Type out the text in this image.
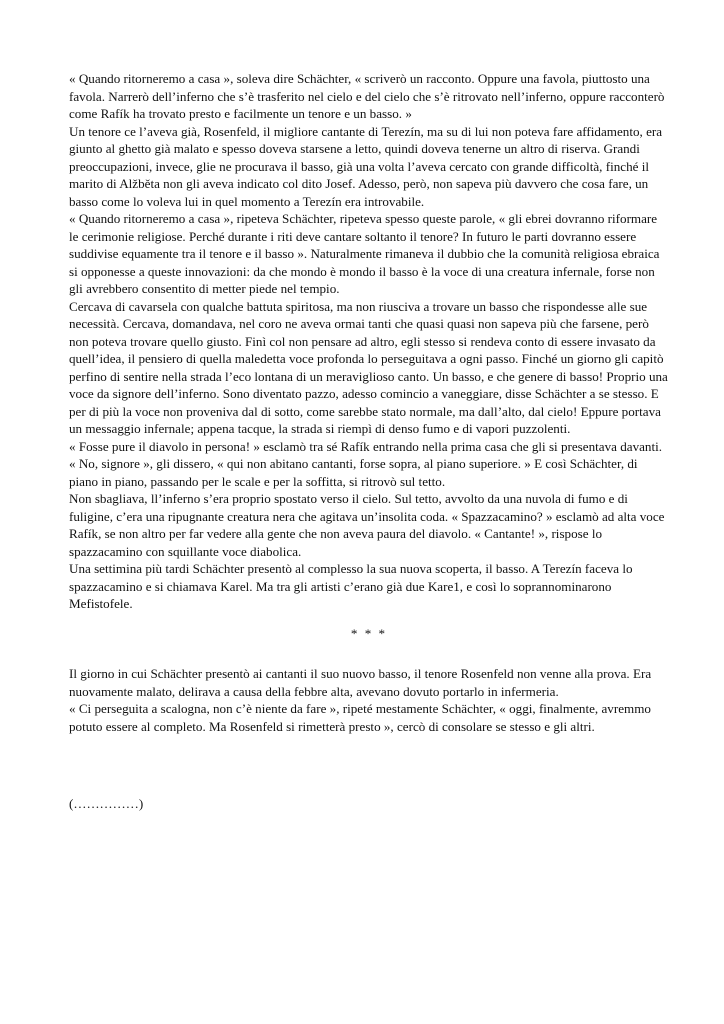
« Quando ritorneremo a casa », soleva dire Schächter, « scriverò un racconto. Oppure una favola, piuttosto una favola. Narrerò dell’inferno che s’è trasferito nel cielo e del cielo che s’è ritrovato nell’inferno, oppure racconterò come Rafík ha trovato presto e facilmente un tenore e un basso. »

Un tenore ce l’aveva già, Rosenfeld, il migliore cantante di Terezín, ma su di lui non poteva fare affidamento, era giunto al ghetto già malato e spesso doveva starsene a letto, quindi doveva tenerne un altro di riserva. Grandi preoccupazioni, invece, glie ne procurava il basso, già una volta l’aveva cercato con grande difficoltà, finché il marito di Alžběta non gli aveva indicato col dito Josef. Adesso, però, non sapeva più davvero che cosa fare, un basso come lo voleva lui in quel momento a Terezín era introvabile.

« Quando ritorneremo a casa », ripeteva Schächter, ripeteva spesso queste parole, « gli ebrei dovranno riformare le cerimonie religiose. Perché durante i riti deve cantare soltanto il tenore? In futuro le parti dovranno essere suddivise equamente tra il tenore e il basso ». Naturalmente rimaneva il dubbio che la comunità religiosa ebraica si opponesse a queste innovazioni: da che mondo è mondo il basso è la voce di una creatura infernale, forse non gli avrebbero consentito di metter piede nel tempio.

Cercava di cavarsela con qualche battuta spiritosa, ma non riusciva a trovare un basso che rispondesse alle sue necessità. Cercava, domandava, nel coro ne aveva ormai tanti che quasi quasi non sapeva più che farsene, però non poteva trovare quello giusto. Finì col non pensare ad altro, egli stesso si rendeva conto di essere invasato da quell’idea, il pensiero di quella maledetta voce profonda lo perseguitava a ogni passo. Finché un giorno gli capitò perfino di sentire nella strada l’eco lontana di un meraviglioso canto. Un basso, e che genere di basso! Proprio una voce da signore dell’inferno. Sono diventato pazzo, adesso comincio a vaneggiare, disse Schächter a se stesso. E per di più la voce non proveniva dal di sotto, come sarebbe stato normale, ma dall’alto, dal cielo! Eppure portava un messaggio infernale; appena tacque, la strada si riempì di denso fumo e di vapori puzzolenti.

« Fosse pure il diavolo in persona! » esclamò tra sé Rafík entrando nella prima casa che gli si presentava davanti. « No, signore », gli dissero, « qui non abitano cantanti, forse sopra, al piano superiore. » E così Schächter, di piano in piano, passando per le scale e per la soffitta, si ritrovò sul tetto.

Non sbagliava, ll’inferno s’era proprio spostato verso il cielo. Sul tetto, avvolto da una nuvola di fumo e di fuligine, c’era una ripugnante creatura nera che agitava un’insolita coda. « Spazzacamino? » esclamò ad alta voce Rafík, se non altro per far vedere alla gente che non aveva paura del diavolo. « Cantante! », rispose lo spazzacamino con squillante voce diabolica.

Una settimina più tardi Schächter presentò al complesso la sua nuova scoperta, il basso. A Terezín faceva lo spazzacamino e si chiamava Karel. Ma tra gli artisti c’erano già due Kare1, e così lo soprannominarono Mefistofele.

* * *

Il giorno in cui Schächter presentò ai cantanti il suo nuovo basso, il tenore Rosenfeld non venne alla prova. Era nuovamente malato, delirava a causa della febbre alta, avevano dovuto portarlo in infermeria.

« Ci perseguita a scalogna, non c’è niente da fare », ripeté mestamente Schächter, « oggi, finalmente, avremmo potuto essere al completo. Ma Rosenfeld si rimetterà presto », cercò di consolare se stesso e gli altri.

(……………)
